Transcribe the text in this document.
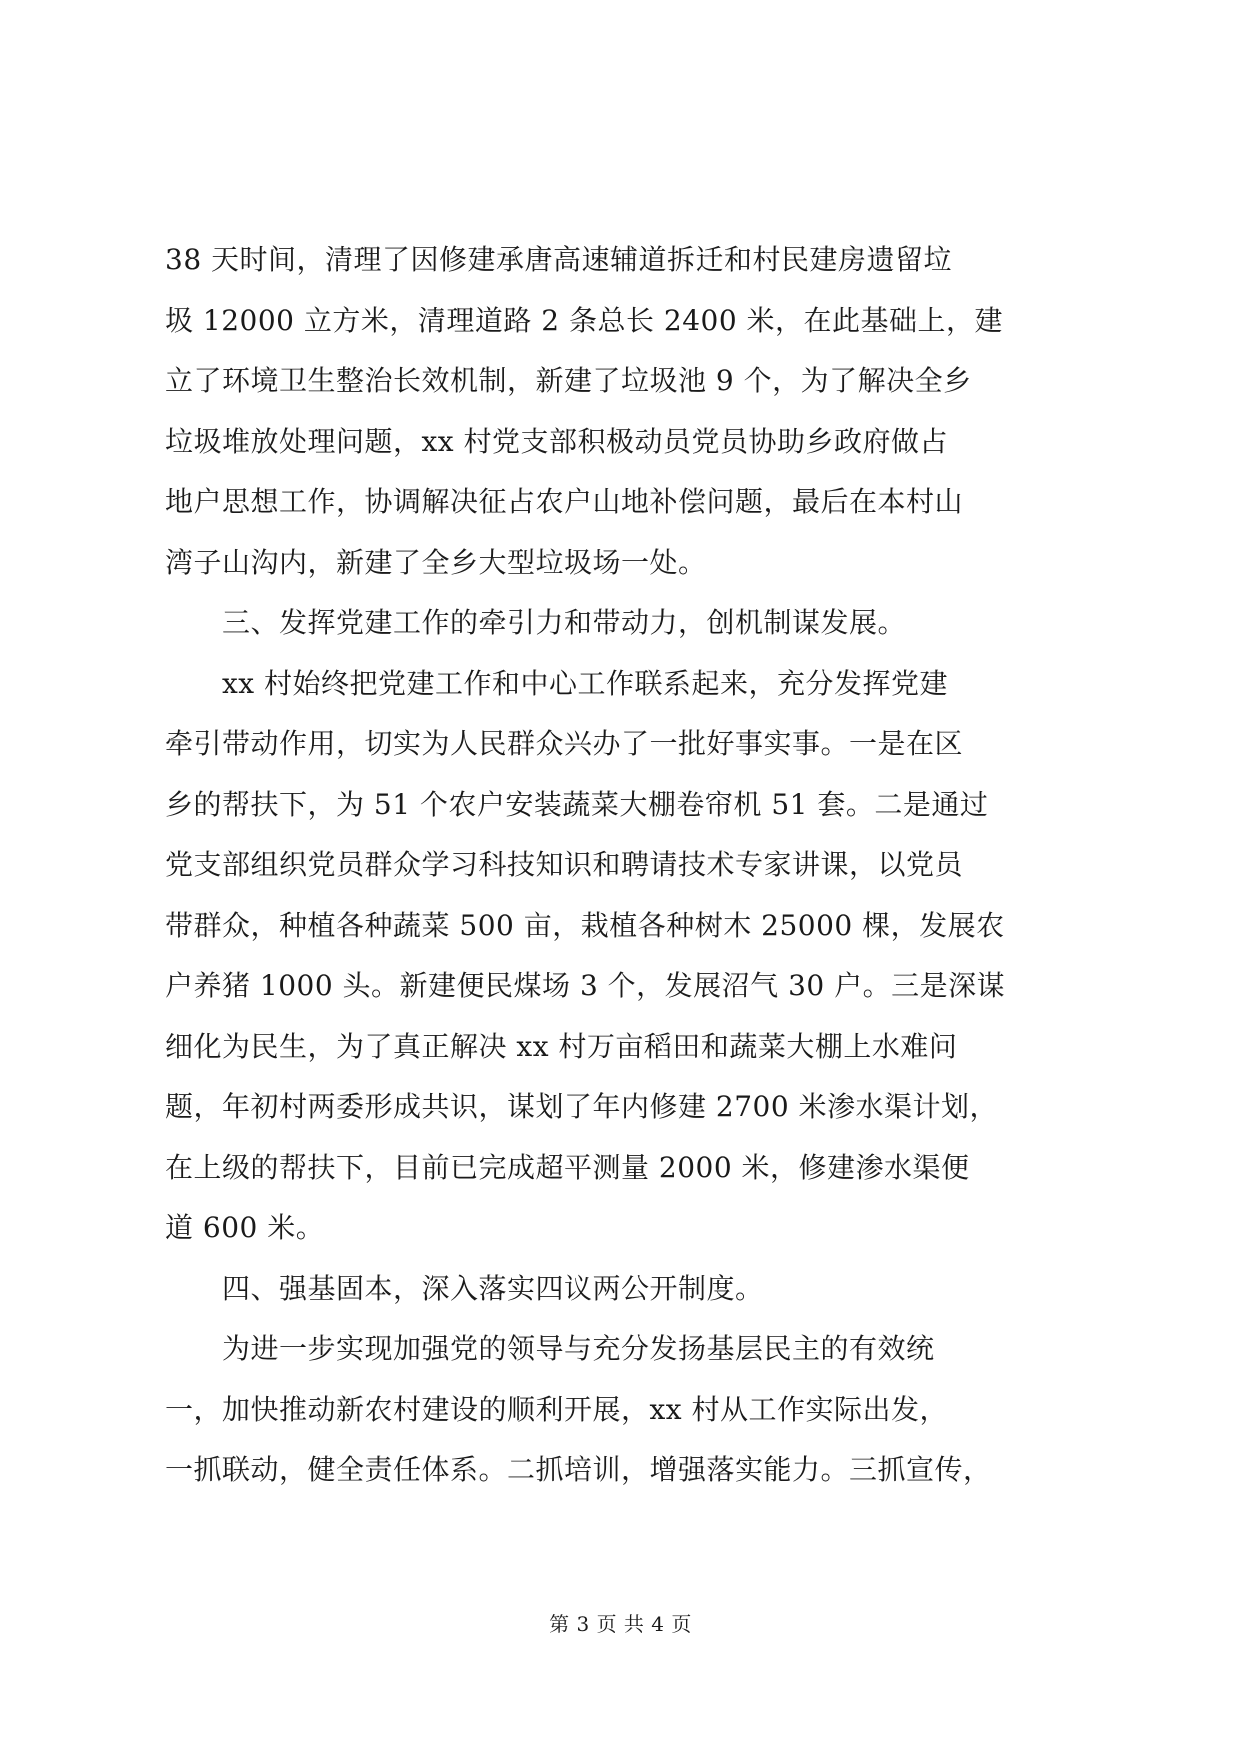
38 天时间，清理了因修建承唐高速辅道拆迁和村民建房遗留垃
圾 12000 立方米，清理道路 2 条总长 2400 米，在此基础上，建
立了环境卫生整治长效机制，新建了垃圾池 9 个，为了解决全乡
垃圾堆放处理问题，xx 村党支部积极动员党员协助乡政府做占
地户思想工作，协调解决征占农户山地补偿问题，最后在本村山
湾子山沟内，新建了全乡大型垃圾场一处。
　　三、发挥党建工作的牵引力和带动力，创机制谋发展。
　　xx 村始终把党建工作和中心工作联系起来，充分发挥党建
牵引带动作用，切实为人民群众兴办了一批好事实事。一是在区
乡的帮扶下，为 51 个农户安装蔬菜大棚卷帘机 51 套。二是通过
党支部组织党员群众学习科技知识和聘请技术专家讲课，以党员
带群众，种植各种蔬菜 500 亩，栽植各种树木 25000 棵，发展农
户养猪 1000 头。新建便民煤场 3 个，发展沼气 30 户。三是深谋
细化为民生，为了真正解决 xx 村万亩稻田和蔬菜大棚上水难问
题，年初村两委形成共识，谋划了年内修建 2700 米渗水渠计划，
在上级的帮扶下，目前已完成超平测量 2000 米，修建渗水渠便
道 600 米。
　　四、强基固本，深入落实四议两公开制度。
　　为进一步实现加强党的领导与充分发扬基层民主的有效统
一，加快推动新农村建设的顺利开展，xx 村从工作实际出发，
一抓联动，健全责任体系。二抓培训，增强落实能力。三抓宣传，
第 3 页 共 4 页
